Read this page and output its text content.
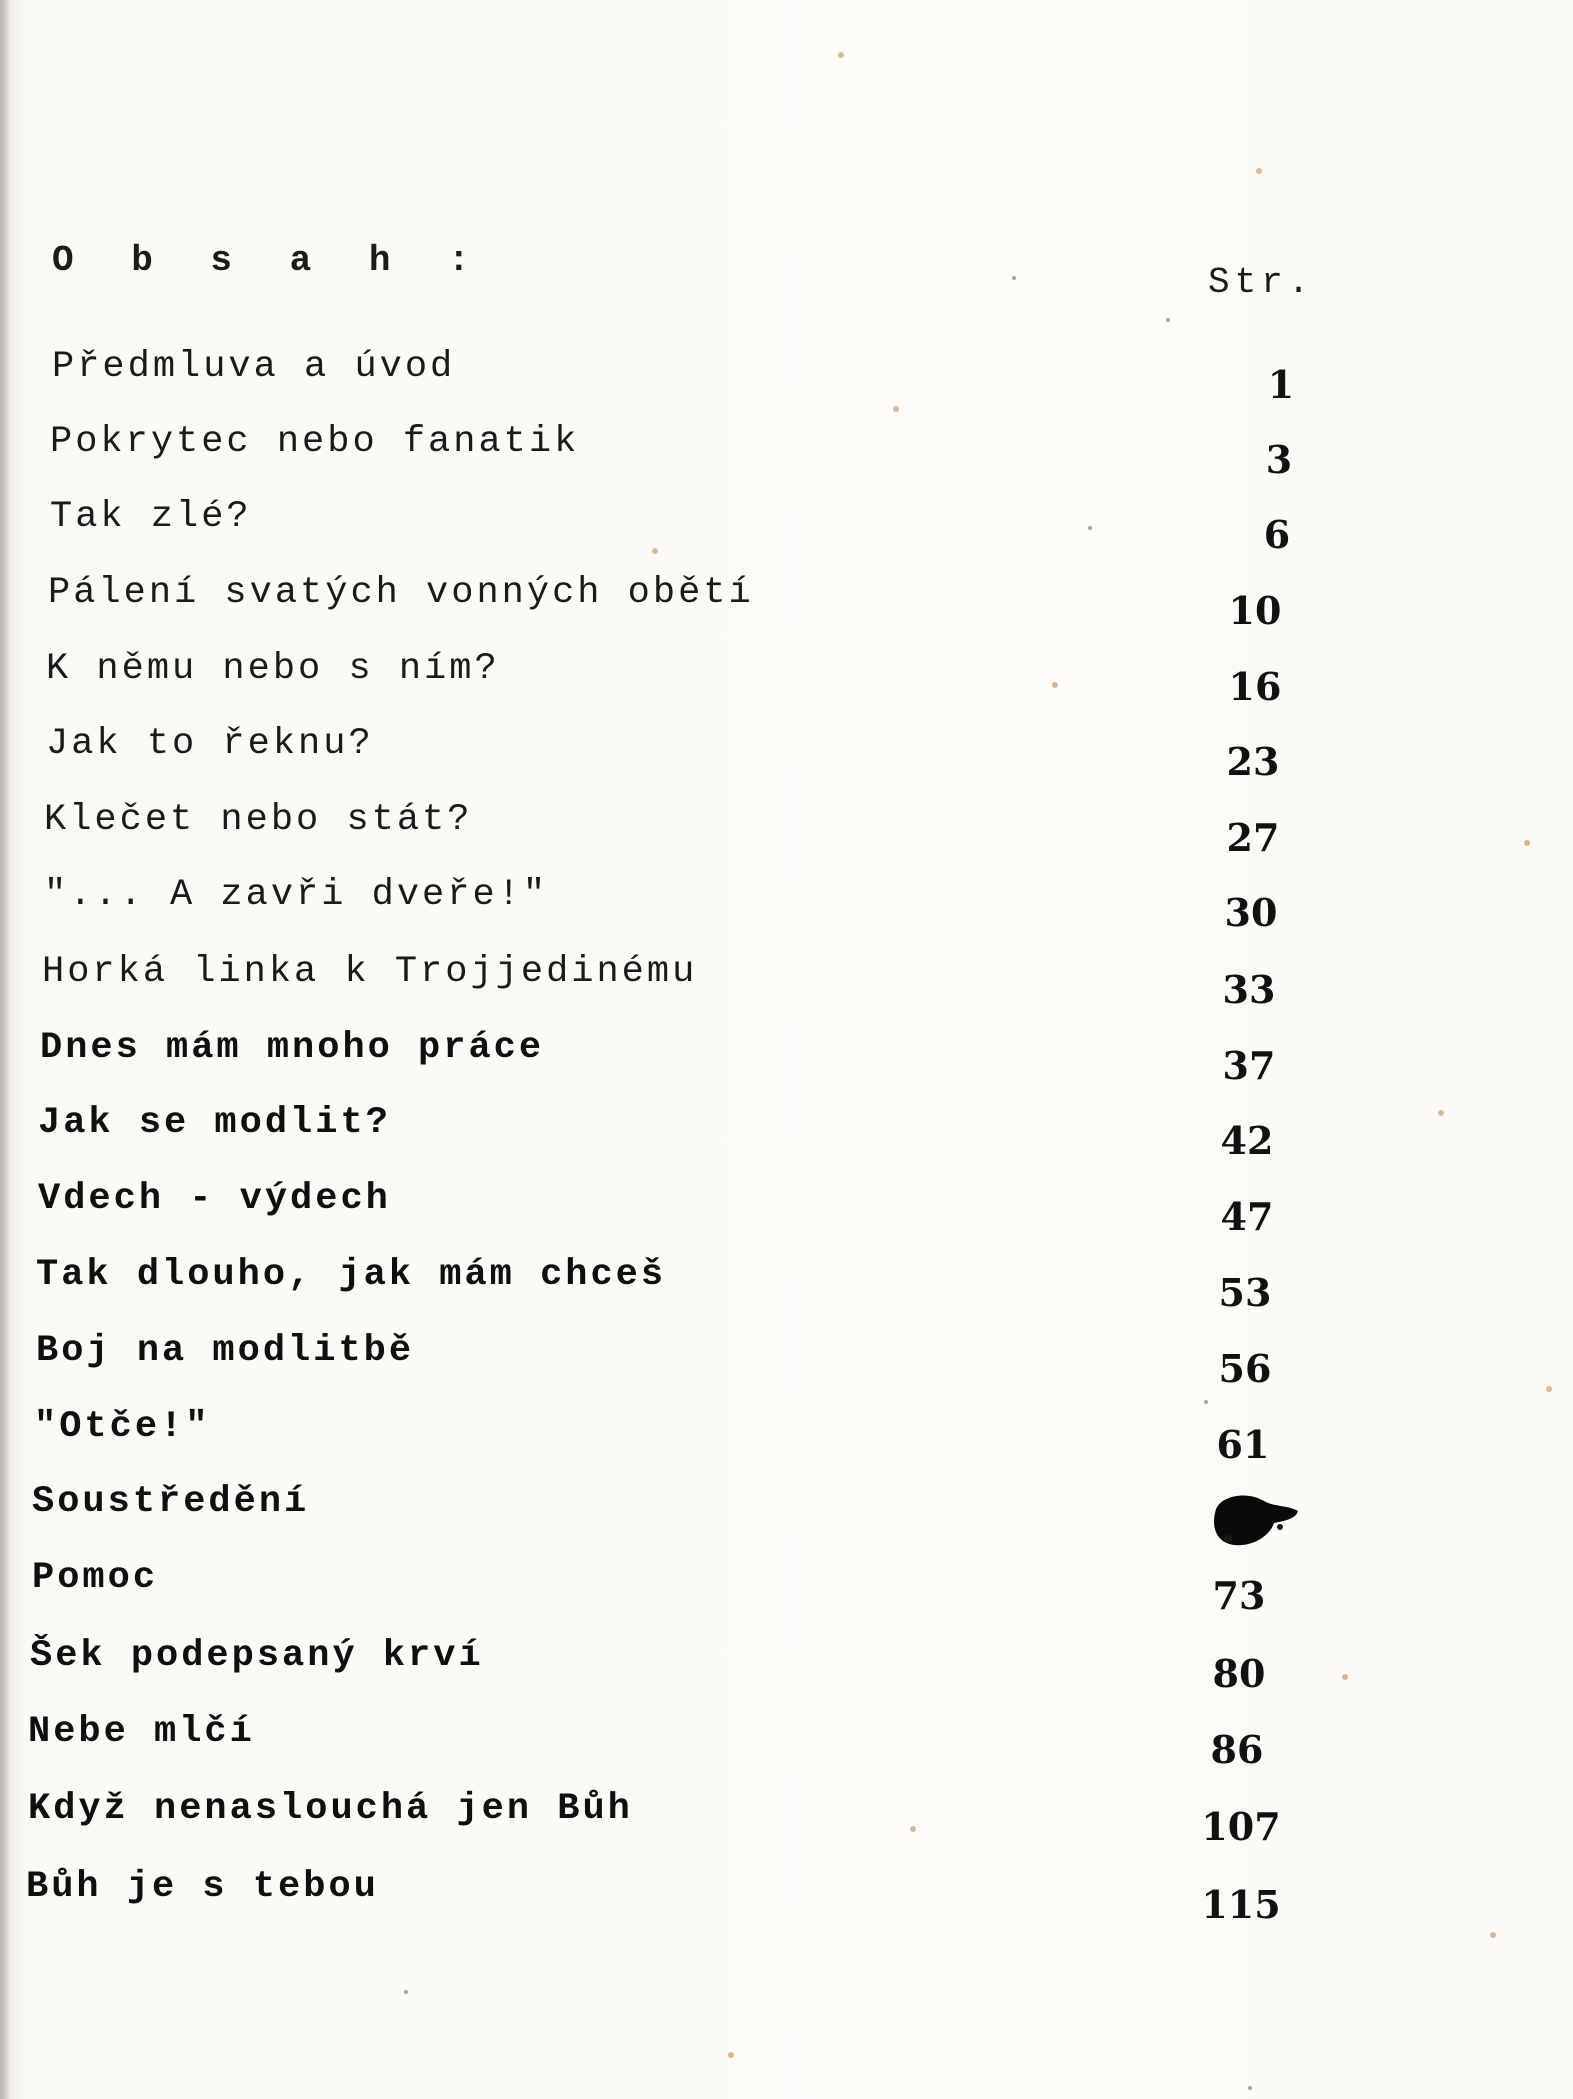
O b s a h :
Str.
Předmluva a úvod	1
Pokrytec nebo fanatik	3
Tak zlé?	6
Pálení svatých vonných obětí	10
K němu nebo s ním?	16
Jak to řeknu?	23
Klečet nebo stát?	27
"... A zavři dveře!"	30
Horká linka k Trojjedinému	33
Dnes mám mnoho práce	37
Jak se modlit?	42
Vdech - výdech	47
Tak dlouho, jak mám chceš	53
Boj na modlitbě	56
"Otče!"	61
Soustředění
Pomoc	73
Šek podepsaný krví	80
Nebe mlčí	86
Když nenaslouchá jen Bůh	107
Bůh je s tebou	115
